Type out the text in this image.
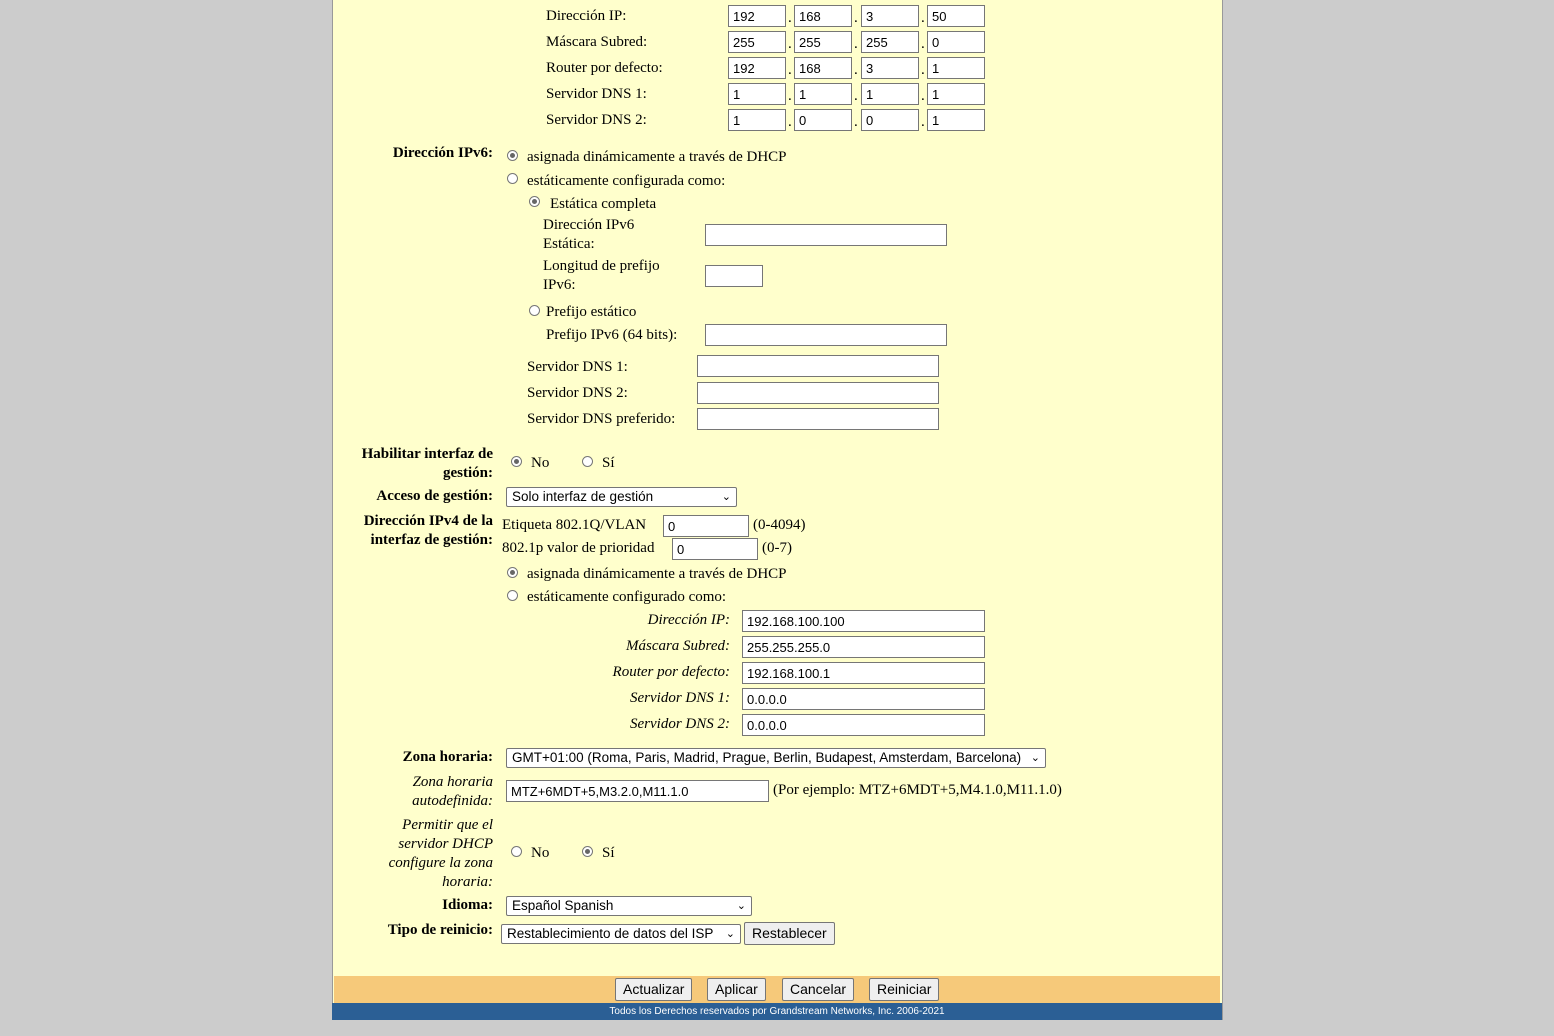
Dirección IP:
192	.
168	.
3	.
50
Máscara Subred:
255	.
255	.
255	.
0
Router por defecto:
192	.
168	.
3	.
1
Servidor DNS 1:
1	.
1	.
1	.
1
Servidor DNS 2:
1	.
0	.
0	.
1
Dirección IPv6: asignada dinámicamente a través de DHCP
estáticamente configurada como:
Estática completa
Dirección IPv6
Estática:
Longitud de prefijo
IPv6:
Prefijo estático
Prefijo IPv6 (64 bits):
Servidor DNS 1:
Servidor DNS 2:
Servidor DNS preferido:
Habilitar interfaz de
gestión:
No	Sí
Acceso de gestión:	Solo interfaz de gestión	⌄
Dirección IPv4 de la
interfaz de gestión:
Etiqueta 802.1Q/VLAN
0	(0-4094)
802.1p valor de prioridad
0	(0-7)
asignada dinámicamente a través de DHCP
estáticamente configurado como:
Dirección IP:
192.168.100.100
Máscara Subred:
255.255.255.0
Router por defecto:
192.168.100.1
Servidor DNS 1:
0.0.0.0
Servidor DNS 2:
0.0.0.0
Zona horaria:	GMT+01:00 (Roma, Paris, Madrid, Prague, Berlin, Budapest, Amsterdam, Barcelona) ⌄
Zona horaria
autodefinida:
MTZ+6MDT+5,M3.2.0,M11.1.0
(Por ejemplo: MTZ+6MDT+5,M4.1.0,M11.1.0)
Permitir que el
servidor DHCP
configure la zona
horaria:
No	Sí
Idioma:	Español Spanish	⌄
Tipo de reinicio:	Restablecimiento de datos del ISP ⌄	Restablecer
Actualizar	Aplicar	Cancelar	Reiniciar
Todos los Derechos reservados por Grandstream Networks, Inc. 2006-2021
